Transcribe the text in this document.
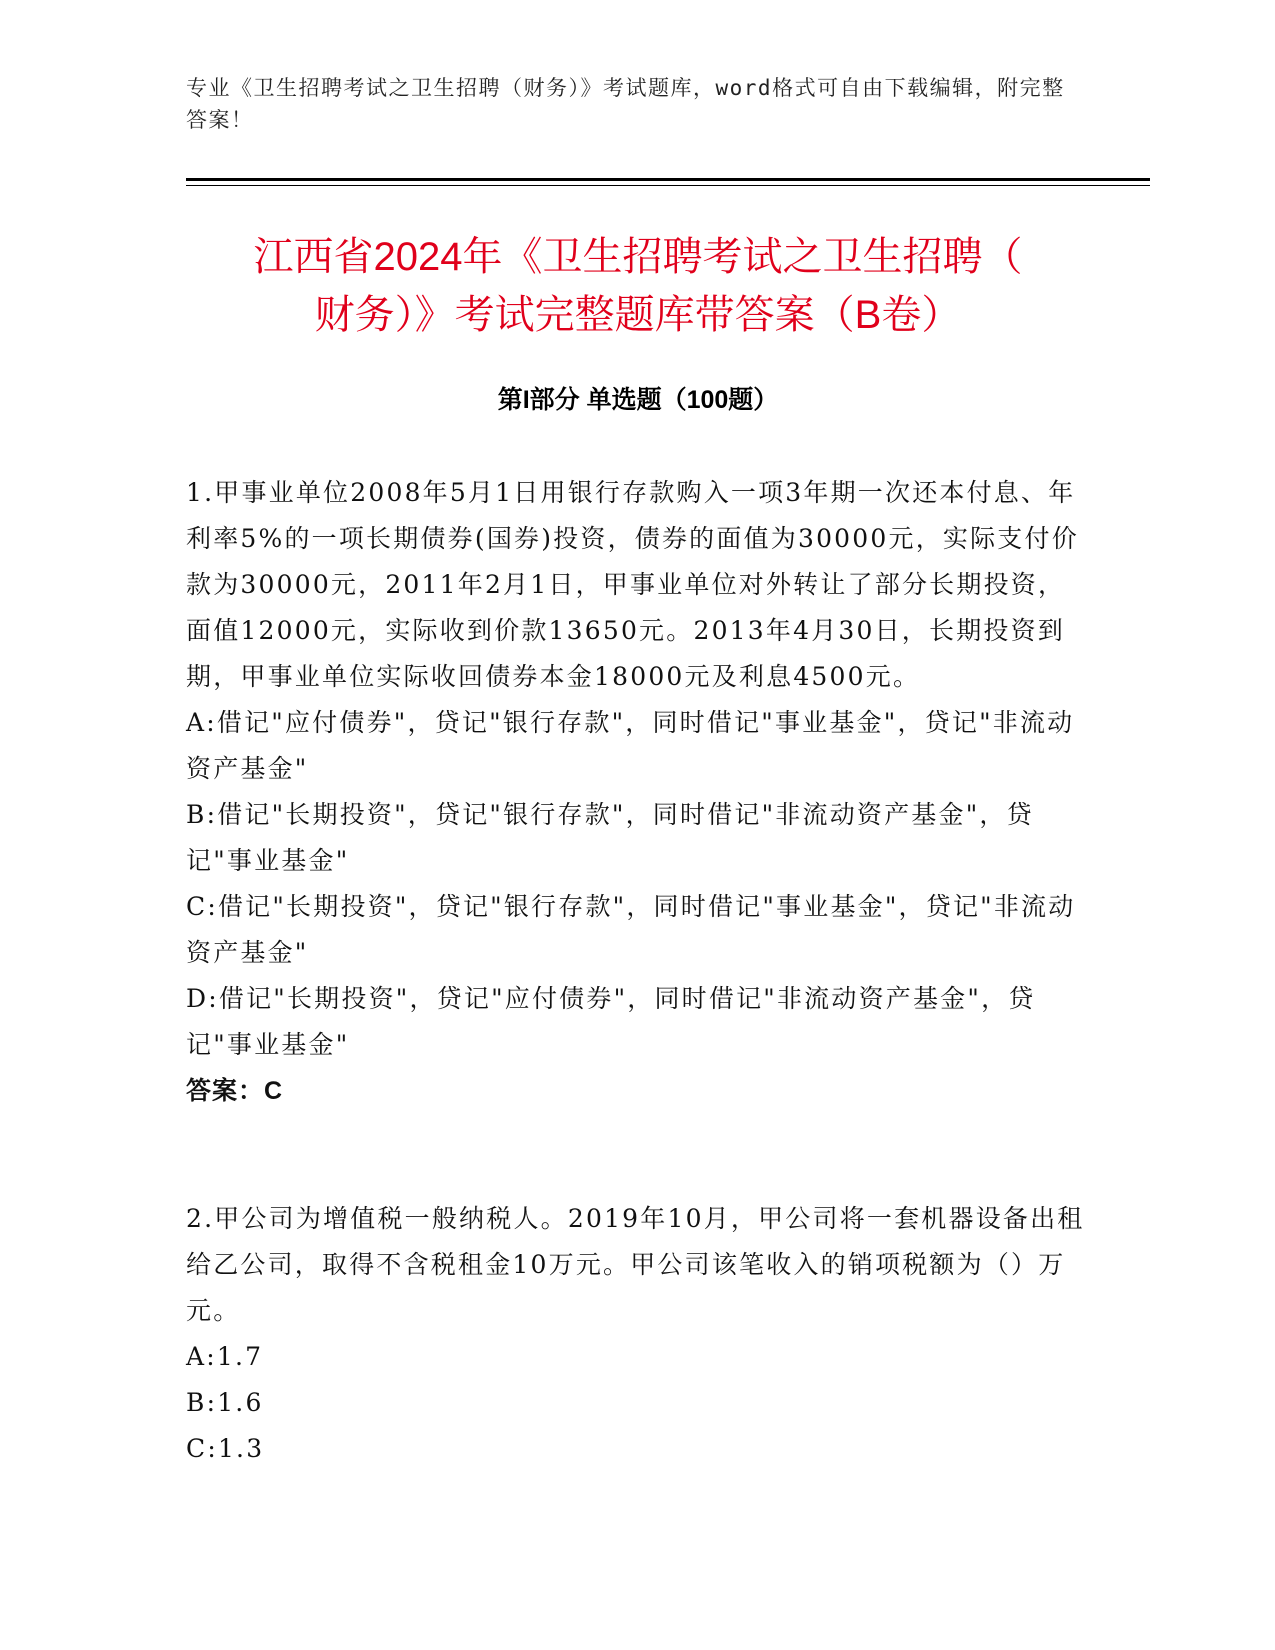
专业《卫生招聘考试之卫生招聘（财务）》考试题库，word格式可自由下载编辑，附完整答案！
江西省2024年《卫生招聘考试之卫生招聘（
财务）》考试完整题库带答案（B卷）
第I部分 单选题（100题）

1.甲事业单位2008年5月1日用银行存款购入一项3年期一次还本付息、年利率5%的一项长期债券(国券)投资，债券的面值为30000元，实际支付价款为30000元，2011年2月1日，甲事业单位对外转让了部分长期投资，面值12000元，实际收到价款13650元。2013年4月30日，长期投资到期，甲事业单位实际收回债券本金18000元及利息4500元。

A:借记"应付债券"，贷记"银行存款"，同时借记"事业基金"，贷记"非流动资产基金"

B:借记"长期投资"，贷记"银行存款"，同时借记"非流动资产基金"，贷记"事业基金"

C:借记"长期投资"，贷记"银行存款"，同时借记"事业基金"，贷记"非流动资产基金"

D:借记"长期投资"，贷记"应付债券"，同时借记"非流动资产基金"，贷记"事业基金"

答案：C

2.甲公司为增值税一般纳税人。2019年10月，甲公司将一套机器设备出租给乙公司，取得不含税租金10万元。甲公司该笔收入的销项税额为（）万元。

A:1.7

B:1.6

C:1.3
